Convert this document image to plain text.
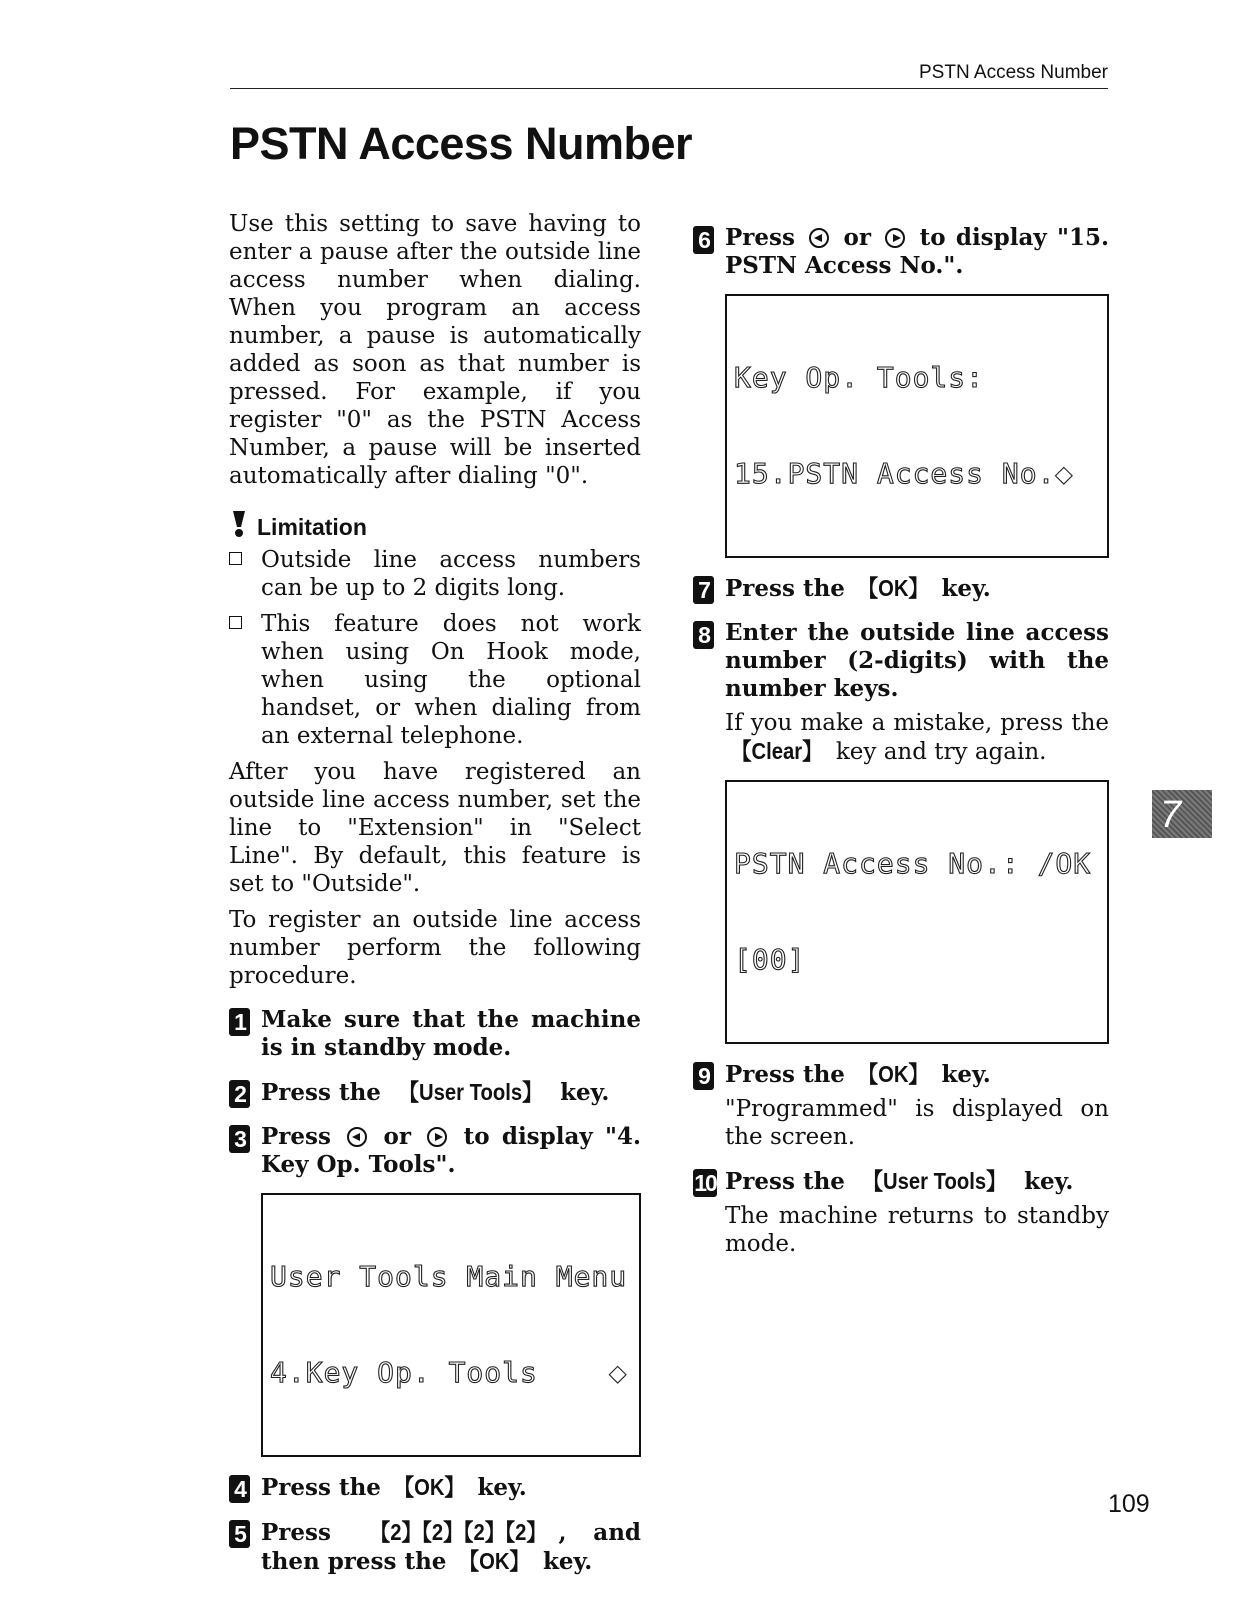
PSTN Access Number
PSTN Access Number

Use this setting to save having to enter a pause after the outside line access number when dialing. When you program an access number, a pause is automatically added as soon as that number is pressed. For example, if you register "0" as the PSTN Access Number, a pause will be inserted automatically after dialing "0".

Limitation

Outside line access numbers can be up to 2 digits long.

This feature does not work when using On Hook mode, when using the optional handset, or when dialing from an external telephone.

After you have registered an outside line access number, set the line to "Extension" in "Select Line". By default, this feature is set to "Outside".

To register an outside line access number perform the following procedure.

1 Make sure that the machine is in standby mode.

2 Press the 【User Tools】 key.

3 Press or to display "4. Key Op. Tools".

User Tools Main Menu

4.Key Op. Tools    ◆

4 Press the 【OK】 key.

5 Press 【2】【2】【2】【2】 , and then press the 【OK】 key.

6 Press or to display "15. PSTN Access No.".

Key Op. Tools:

15.PSTN Access No.◆

7 Press the 【OK】 key.

8 Enter the outside line access number (2-digits) with the number keys.

If you make a mistake, press the 【Clear】 key and try again.

PSTN Access No.: /OK

[00]

9 Press the 【OK】 key.

"Programmed" is displayed on the screen.

10 Press the 【User Tools】 key.

The machine returns to standby mode.

7
109
